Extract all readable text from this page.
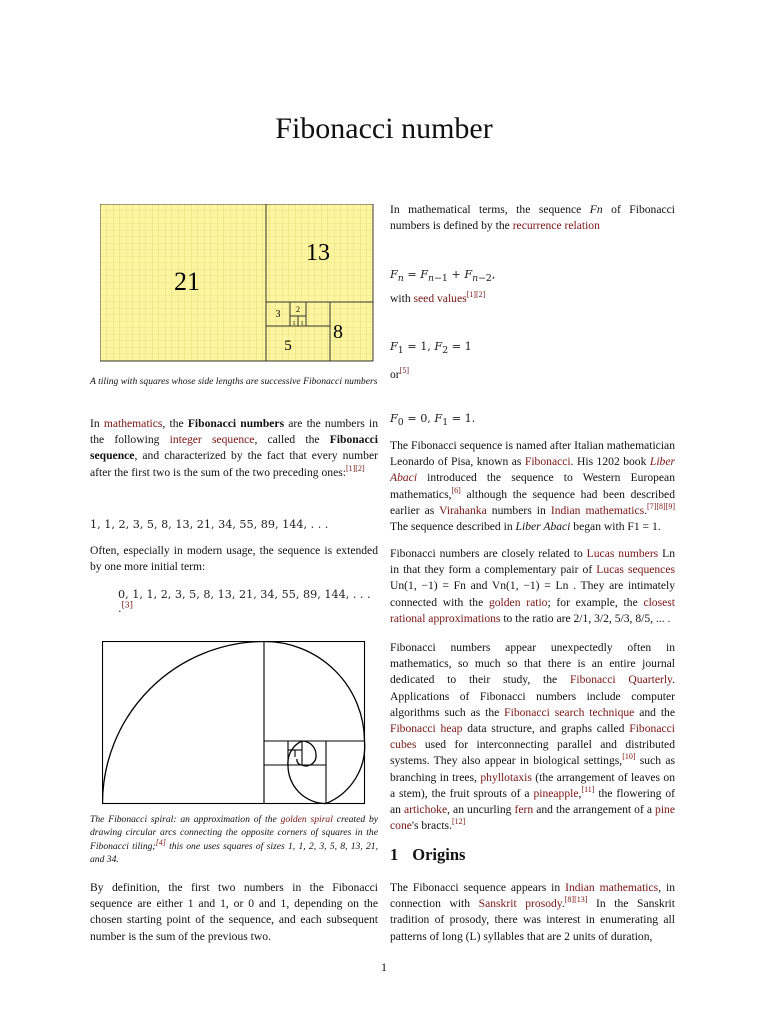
Fibonacci number
21
13
8
5
3 2
1 1
A tiling with squares whose side lengths are successive Fibonacci numbers
In mathematics, the Fibonacci numbers are the numbers in the following integer sequence, called the Fibonacci sequence, and characterized by the fact that every number after the first two is the sum of the two preceding ones:[1][2]
1, 1, 2, 3, 5, 8, 13, 21, 34, 55, 89, 144, . . .
Often, especially in modern usage, the sequence is extended by one more initial term:
0, 1, 1, 2, 3, 5, 8, 13, 21, 34, 55, 89, 144, . . .
.[3]
The Fibonacci spiral: an approximation of the golden spiral created by drawing circular arcs connecting the opposite corners of squares in the Fibonacci tiling;[4] this one uses squares of sizes 1, 1, 2, 3, 5, 8, 13, 21, and 34.
By definition, the first two numbers in the Fibonacci sequence are either 1 and 1, or 0 and 1, depending on the chosen starting point of the sequence, and each subsequent number is the sum of the previous two.
In mathematical terms, the sequence Fn of Fibonacci numbers is defined by the recurrence relation
$F_n = F_{n-1} + F_{n-2}$,
with seed values[1][2]
$F_1 = 1$, $F_2 = 1$
or[5]
$F_0 = 0$, $F_1 = 1$.
The Fibonacci sequence is named after Italian mathematician Leonardo of Pisa, known as Fibonacci. His 1202 book Liber Abaci introduced the sequence to Western European mathematics,[6] although the sequence had been described earlier as Virahanka numbers in Indian mathematics.[7][8][9] The sequence described in Liber Abaci began with F1 = 1.
Fibonacci numbers are closely related to Lucas numbers Ln in that they form a complementary pair of Lucas sequences Un(1, −1) = Fn and Vn(1, −1) = Ln . They are intimately connected with the golden ratio; for example, the closest rational approximations to the ratio are 2/1, 3/2, 5/3, 8/5, ... .
Fibonacci numbers appear unexpectedly often in mathematics, so much so that there is an entire journal dedicated to their study, the Fibonacci Quarterly. Applications of Fibonacci numbers include computer algorithms such as the Fibonacci search technique and the Fibonacci heap data structure, and graphs called Fibonacci cubes used for interconnecting parallel and distributed systems. They also appear in biological settings,[10] such as branching in trees, phyllotaxis (the arrangement of leaves on a stem), the fruit sprouts of a pineapple,[11] the flowering of an artichoke, an uncurling fern and the arrangement of a pine cone's bracts.[12]
1 Origins
The Fibonacci sequence appears in Indian mathematics, in connection with Sanskrit prosody.[8][13] In the Sanskrit tradition of prosody, there was interest in enumerating all patterns of long (L) syllables that are 2 units of duration,
1
